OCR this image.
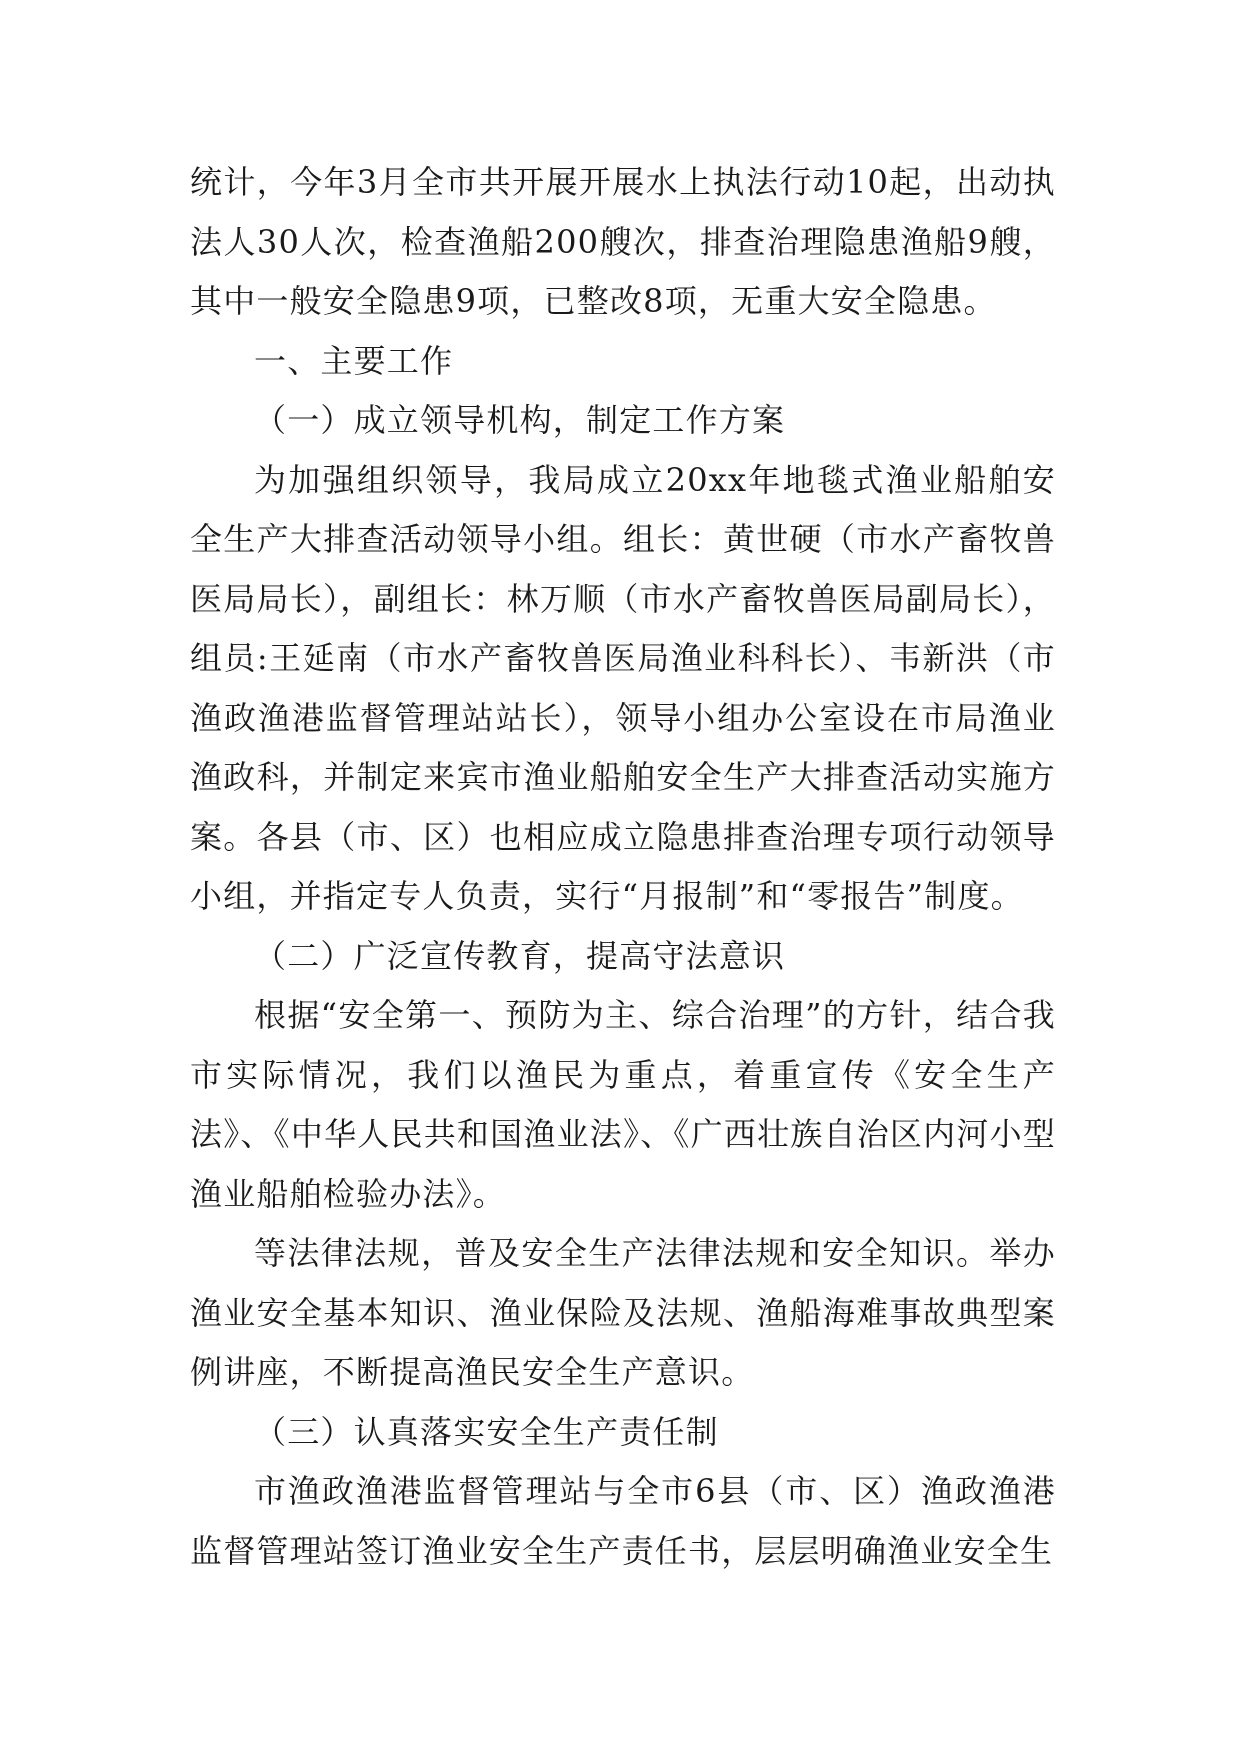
统计，今年3月全市共开展开展水上执法行动10起，出动执法人30人次，检查渔船200艘次，排查治理隐患渔船9艘，其中一般安全隐患9项，已整改8项，无重大安全隐患。

一、主要工作

（一）成立领导机构，制定工作方案

为加强组织领导，我局成立20xx年地毯式渔业船舶安全生产大排查活动领导小组。组长：黄世硬（市水产畜牧兽医局局长），副组长：林万顺（市水产畜牧兽医局副局长），组员:王延南（市水产畜牧兽医局渔业科科长）、韦新洪（市渔政渔港监督管理站站长），领导小组办公室设在市局渔业渔政科，并制定来宾市渔业船舶安全生产大排查活动实施方案。各县（市、区）也相应成立隐患排查治理专项行动领导小组，并指定专人负责，实行“月报制”和“零报告”制度。

（二）广泛宣传教育，提高守法意识

根据“安全第一、预防为主、综合治理”的方针，结合我市实际情况，我们以渔民为重点，着重宣传《安全生产法》、《中华人民共和国渔业法》、《广西壮族自治区内河小型渔业船舶检验办法》。

等法律法规，普及安全生产法律法规和安全知识。举办渔业安全基本知识、渔业保险及法规、渔船海难事故典型案例讲座，不断提高渔民安全生产意识。

（三）认真落实安全生产责任制

市渔政渔港监督管理站与全市6县（市、区）渔政渔港监督管理站签订渔业安全生产责任书，层层明确渔业安全生
